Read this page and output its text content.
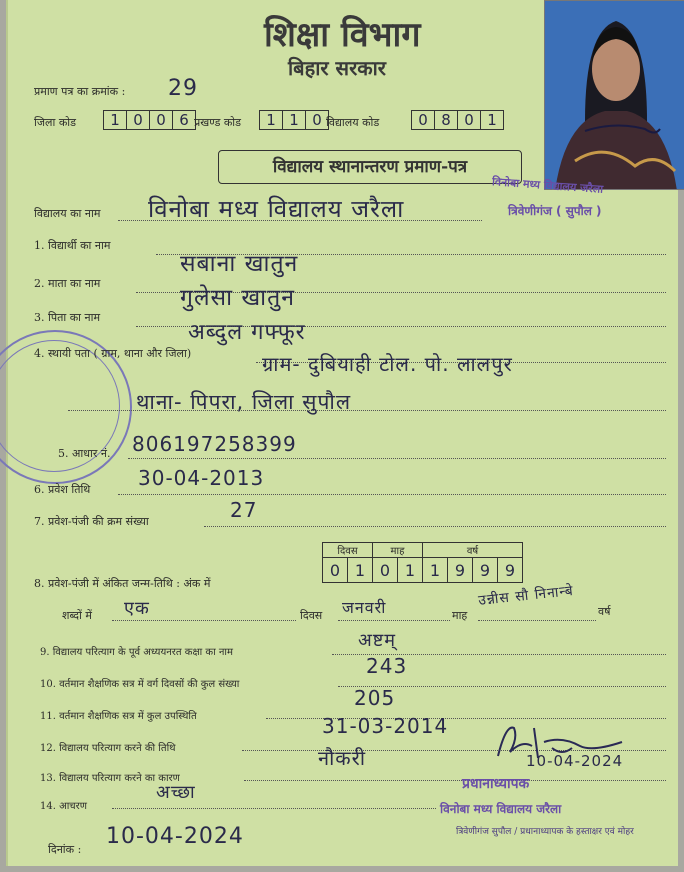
शिक्षा विभाग
बिहार सरकार
प्रमाण पत्र का क्रमांक : 29
जिला कोड	1 0 0 6 प्रखण्ड कोड	1 1 0 विद्यालय कोड	0 8 0 1
विद्यालय स्थानान्तरण प्रमाण-पत्र
विनोबा मध्य विद्यालय जरैला
त्रिवेणीगंज ( सुपौल )
विद्यालय का नाम विनोबा मध्य विद्यालय जरैला
1. विद्यार्थी का नाम
सबाना खातुन
2. माता का नाम
गुलेसा खातुन
3. पिता का नाम
अब्दुल गफ्फूर
4. स्थायी पता ( ग्राम, थाना और जिला)	ग्राम- दुबियाही टोल. पो. लालपुर
थाना- पिपरा, जिला सुपौल
5. आधार नं. 806197258399
6. प्रवेश तिथि 30-04-2013
7. प्रवेश-पंजी की क्रम संख्या	27
दिवस		माह		वर्ष			
0	1	0	1	1	9	9	9
8. प्रवेश-पंजी में अंकित जन्म-तिथि : अंक में
शब्दों में एक	दिवस जनवरी	माह
उन्नीस सौ निनान्बे
वर्ष
9. विद्यालय परित्याग के पूर्व अध्ययनरत कक्षा का नाम
अष्टम्
10. वर्तमान शैक्षणिक सत्र में वर्ग दिवसों की कुल संख्या
243
11. वर्तमान शैक्षणिक सत्र में कुल उपस्थिति
205
12. विद्यालय परित्याग करने की तिथि
31-03-2014
13. विद्यालय परित्याग करने का कारण
नौकरी	10-04-2024
प्रधानाध्यापक
14. आचरण
अच्छा
विनोबा मध्य विद्यालय जरैला
त्रिवेणीगंज सुपौल / प्रधानाध्यापक के हस्ताक्षर एवं मोहर
दिनांक :
10-04-2024
